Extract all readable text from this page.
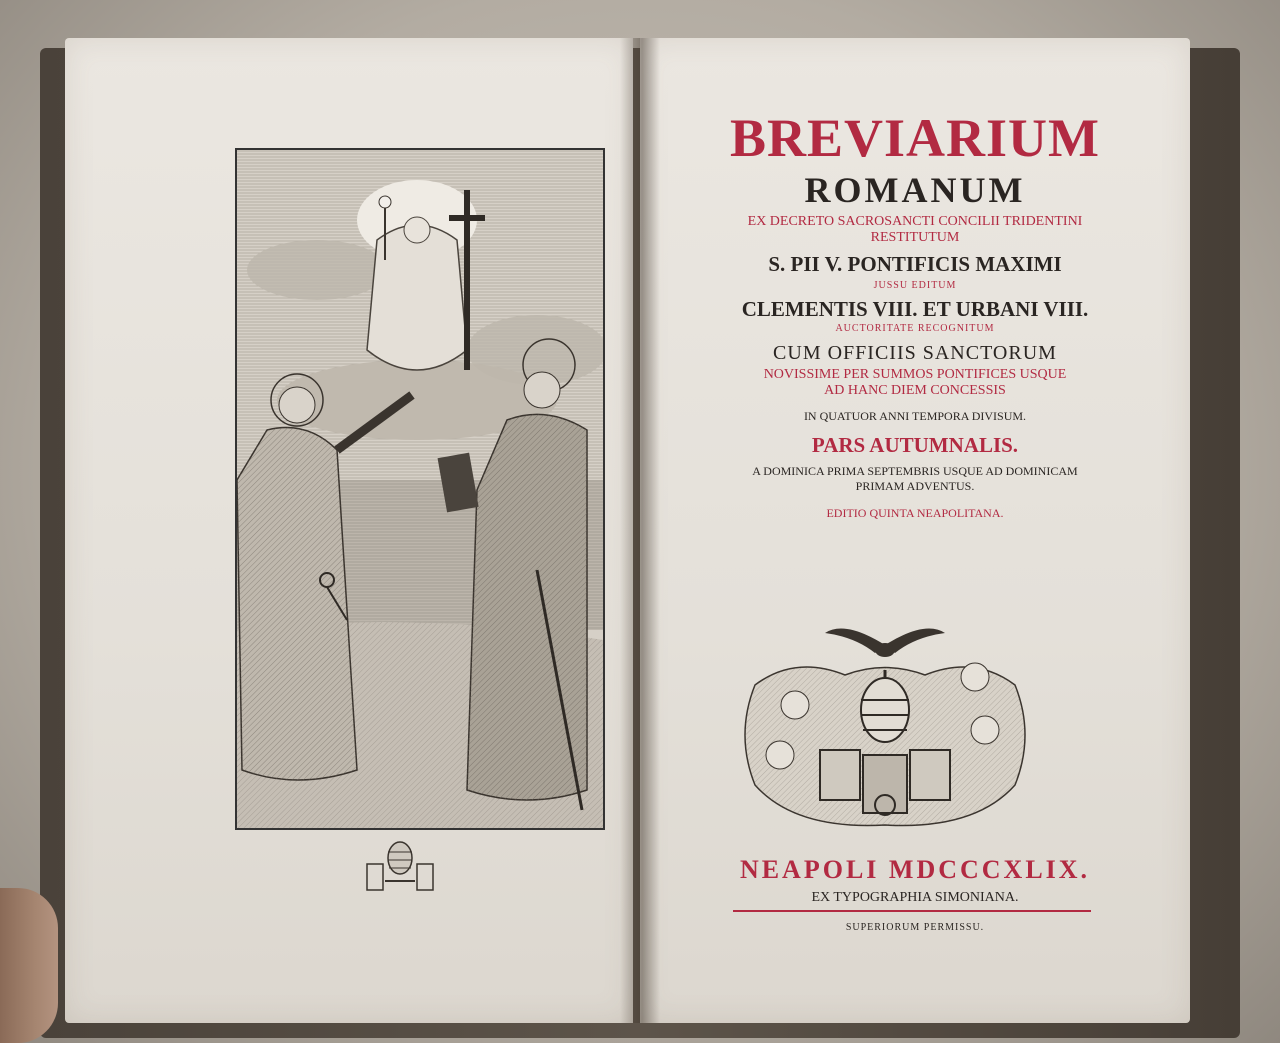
BREVIARIUM
ROMANUM
EX DECRETO SACROSANCTI CONCILII TRIDENTINI
RESTITUTUM
S. PII V. PONTIFICIS MAXIMI
JUSSU EDITUM
CLEMENTIS VIII. ET URBANI VIII.
AUCTORITATE RECOGNITUM
CUM OFFICIIS SANCTORUM
NOVISSIME PER SUMMOS PONTIFICES USQUE
AD HANC DIEM CONCESSIS
IN QUATUOR ANNI TEMPORA DIVISUM.
PARS AUTUMNALIS.
A DOMINICA PRIMA SEPTEMBRIS USQUE AD DOMINICAM
PRIMAM ADVENTUS.
EDITIO QUINTA NEAPOLITANA.
NEAPOLI MDCCCXLIX.
EX TYPOGRAPHIA SIMONIANA.
SUPERIORUM PERMISSU.
